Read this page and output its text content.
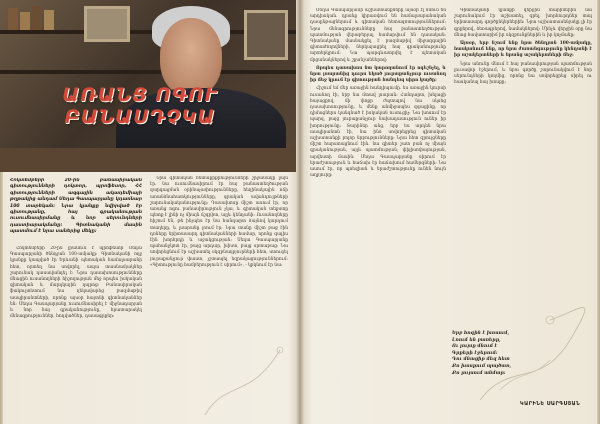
ԱՌԱՆՑ ՈԳՈՒ
ԲԱՆԱՍԴՉԿԱ
Հոկտեմբերի 20-ին բանասիրական գիտությունների դոկտոր, պրոֆեսոր, ՀՀ գիտությունների ազգային ակադեմիայի թղթակից անդամ Սեդա Գասպարյանը կդառնար 100 տարեկան: Նրա կյանքը նվիրված էր գիտությանը, հայ գրականության ուսումնասիրմանը և նոր սերունդների դաստիարակմանը: Գիտնականի մասին պատմում է նրա սաներից մեկը:

Հոկտեմբերի 20-ին լրանում է պրոֆեսոր Սեդա Գասպարյանի ծննդյան 100-ամյակը: Գիտնականի ողջ կյանքը կապված էր Երևանի պետական համալսարանի հետ, որտեղ նա սովորել, ապա տասնամյակներ շարունակ դասավանդել է: Նրա դասախոսությունները մնացին ուսանողների հիշողության մեջ որպես իսկական գիտական և մարդկային դպրոց: Բանասիրական ֆակուլտետում նա ղեկավարեց բազմաթիվ ասպիրանտների, որոնք այսօր հայտնի գիտնականներ են: Սեդա Գասպարյանը ուսումնասիրել է միջնադարյան և նոր հայ գրականությունը, հրատարակել մենագրություններ, հոդվածներ, դասագրքեր:

Նրա գիտական հետաքրքրությունների շրջանակը լայն էր. նա ուսումնասիրում էր հայ բանաստեղծության զարգացման օրինաչափությունները, հեղինակային ոճի առանձնահատկությունները, գրական ավանդույթների շարունակականությունը: Դասախոսը միշտ ասում էր, որ առանց ոգու բանասիրություն չկա, և գիտական տեքստը պետք է լինի ոչ միայն ճշգրիտ, այլև կենդանի: Ուսանողները հիշում են, թե ինչպես էր նա հանդարտ ձայնով կարդում տաղերը, և լսարանը լռում էր: Նրա տանը միշտ բաց էին դռները երիտասարդ գիտնականների համար, որոնք գալիս էին խորհրդի և աջակցության: Սեդա Գասպարյանը պահանջկոտ էր, բայց արդար, խիստ, բայց սրտաբաց: Նա սովորեցնում էր աշխատել սկզբնաղբյուրների հետ, ստուգել յուրաքանչյուր փաստ, չշտապել եզրակացություններում: «Գիտությունը համբերություն է սիրում», - կրկնում էր նա:

Սեդա Գասպարյանի աշխատանքները այսօր էլ մնում են արդիական. դրանք կիրառվում են համալսարանական դասընթացներում և գիտական հետազոտություններում: Նրա մենագրությունները հայ բանաստեղծության պատմության վերաբերյալ համարվում են դասական: Գիտնականը մասնակցել է բազմաթիվ միջազգային գիտաժողովների, ներկայացրել հայ գրականությունը արտերկրում: Նա պարգևատրվել է պետական մրցանակներով և շքանշաններով:

Որպես դասախոս նա կարողանում էր ոգեշնչել, և նրա լսարանից դուրս եկած յուրաքանչյուր ուսանող իր մեջ կրում էր գիտության հանդեպ սիրո կայծը:

Հիշում եմ մեր առաջին հանդիպումը. ես առաջին կուրսի ուսանող էի, երբ նա մտավ լսարան: Հանդարտ, խելացի հայացքով, մի փոքր ժպտալով նա սկսեց դասախոսությունը, և մենք անմիջապես զգացինք, որ դիմացներս կանգնած է իսկական ուսուցիչ: Նա խոսում էր պարզ, բայց յուրաքանչյուր նախադասություն ուներ իր խորությունը: Տարիներ անց, երբ ես արդեն նրա ասպիրանտն էի, նա ինձ սովորեցրեց գիտական աշխատանքի բոլոր նրբությունները: Նրա հետ զրույցները միշտ հարստացնում էին. նա գիտեր շատ բան ոչ միայն գրականության, այլև պատմության, փիլիսոփայության, արվեստի մասին: Սեդա Գասպարյանը սիրում էր երաժշտություն և հաճախ էր հաճախում համերգների: Նա ասում էր, որ պոեզիան և երաժշտությունը ունեն նույն աղբյուրը:

Գիտնականի կյանքի վերջին տարիներին նա շարունակում էր աշխատել, գրել, խորհուրդներ տալ երիտասարդ գործընկերներին: Նրա աշխատասենյակը լի էր գրքերով, ձեռագրերով, նամակներով: Մինչև վերջին օրը նա մնաց հավատարիմ իր սկզբունքներին և իր կոչմանը:

Այսօր, երբ նշում ենք նրա ծննդյան 100-ամյակը, հասկանում ենք, որ նրա ժառանգությունը կենդանի է իր աշակերտների և նրանց աշակերտների մեջ:

Նրա անունը մնում է հայ բանասիրության պատմության լուսավոր էջերում, և նրա գործը շարունակվում է նոր սերունդների կողմից, որոնց նա սովորեցրեց սիրել ու հասկանալ հայ խոսքը:

Երբ հոգին է խոսում,
Լռում են բառերը,
Ու լույսը մնում է
Գրքերի էջերում:
Դու մնացիր մեզ հետ
Քո խոսքում պայծառ,
Քո լույսում անմար:
ԿԱՐԻՆԵ ՍԱՐԳՍՅԱՆ
